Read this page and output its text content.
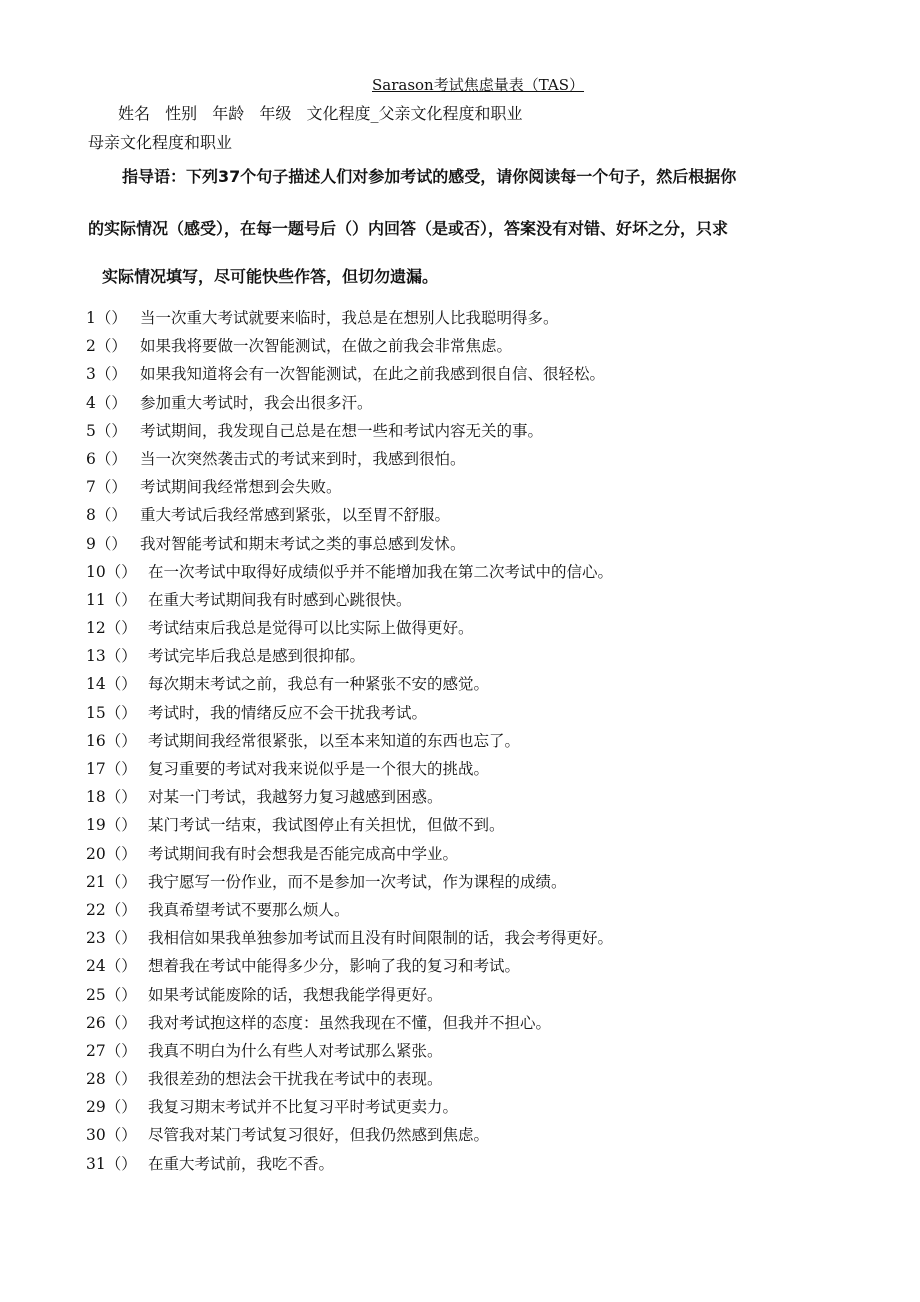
Sarason考试焦虑量表（TAS）
姓名 性别 年龄 年级 文化程度_父亲文化程度和职业
母亲文化程度和职业
指导语：下列37个句子描述人们对参加考试的感受，请你阅读每一个句子，然后根据你
的实际情况（感受），在每一题号后（）内回答（是或否），答案没有对错、好坏之分，只求
实际情况填写，尽可能快些作答，但切勿遗漏。
1（） 当一次重大考试就要来临时，我总是在想别人比我聪明得多。
2（） 如果我将要做一次智能测试，在做之前我会非常焦虑。
3（） 如果我知道将会有一次智能测试，在此之前我感到很自信、很轻松。
4（） 参加重大考试时，我会出很多汗。
5（） 考试期间，我发现自己总是在想一些和考试内容无关的事。
6（） 当一次突然袭击式的考试来到时，我感到很怕。
7（） 考试期间我经常想到会失败。
8（） 重大考试后我经常感到紧张，以至胃不舒服。
9（） 我对智能考试和期末考试之类的事总感到发怵。
10（） 在一次考试中取得好成绩似乎并不能增加我在第二次考试中的信心。
11（） 在重大考试期间我有时感到心跳很快。
12（） 考试结束后我总是觉得可以比实际上做得更好。
13（） 考试完毕后我总是感到很抑郁。
14（） 每次期末考试之前，我总有一种紧张不安的感觉。
15（） 考试时，我的情绪反应不会干扰我考试。
16（） 考试期间我经常很紧张，以至本来知道的东西也忘了。
17（） 复习重要的考试对我来说似乎是一个很大的挑战。
18（） 对某一门考试，我越努力复习越感到困惑。
19（） 某门考试一结束，我试图停止有关担忧，但做不到。
20（） 考试期间我有时会想我是否能完成高中学业。
21（） 我宁愿写一份作业，而不是参加一次考试，作为课程的成绩。
22（） 我真希望考试不要那么烦人。
23（） 我相信如果我单独参加考试而且没有时间限制的话，我会考得更好。
24（） 想着我在考试中能得多少分，影响了我的复习和考试。
25（） 如果考试能废除的话，我想我能学得更好。
26（） 我对考试抱这样的态度：虽然我现在不懂，但我并不担心。
27（） 我真不明白为什么有些人对考试那么紧张。
28（） 我很差劲的想法会干扰我在考试中的表现。
29（） 我复习期末考试并不比复习平时考试更卖力。
30（） 尽管我对某门考试复习很好，但我仍然感到焦虑。
31（） 在重大考试前，我吃不香。
